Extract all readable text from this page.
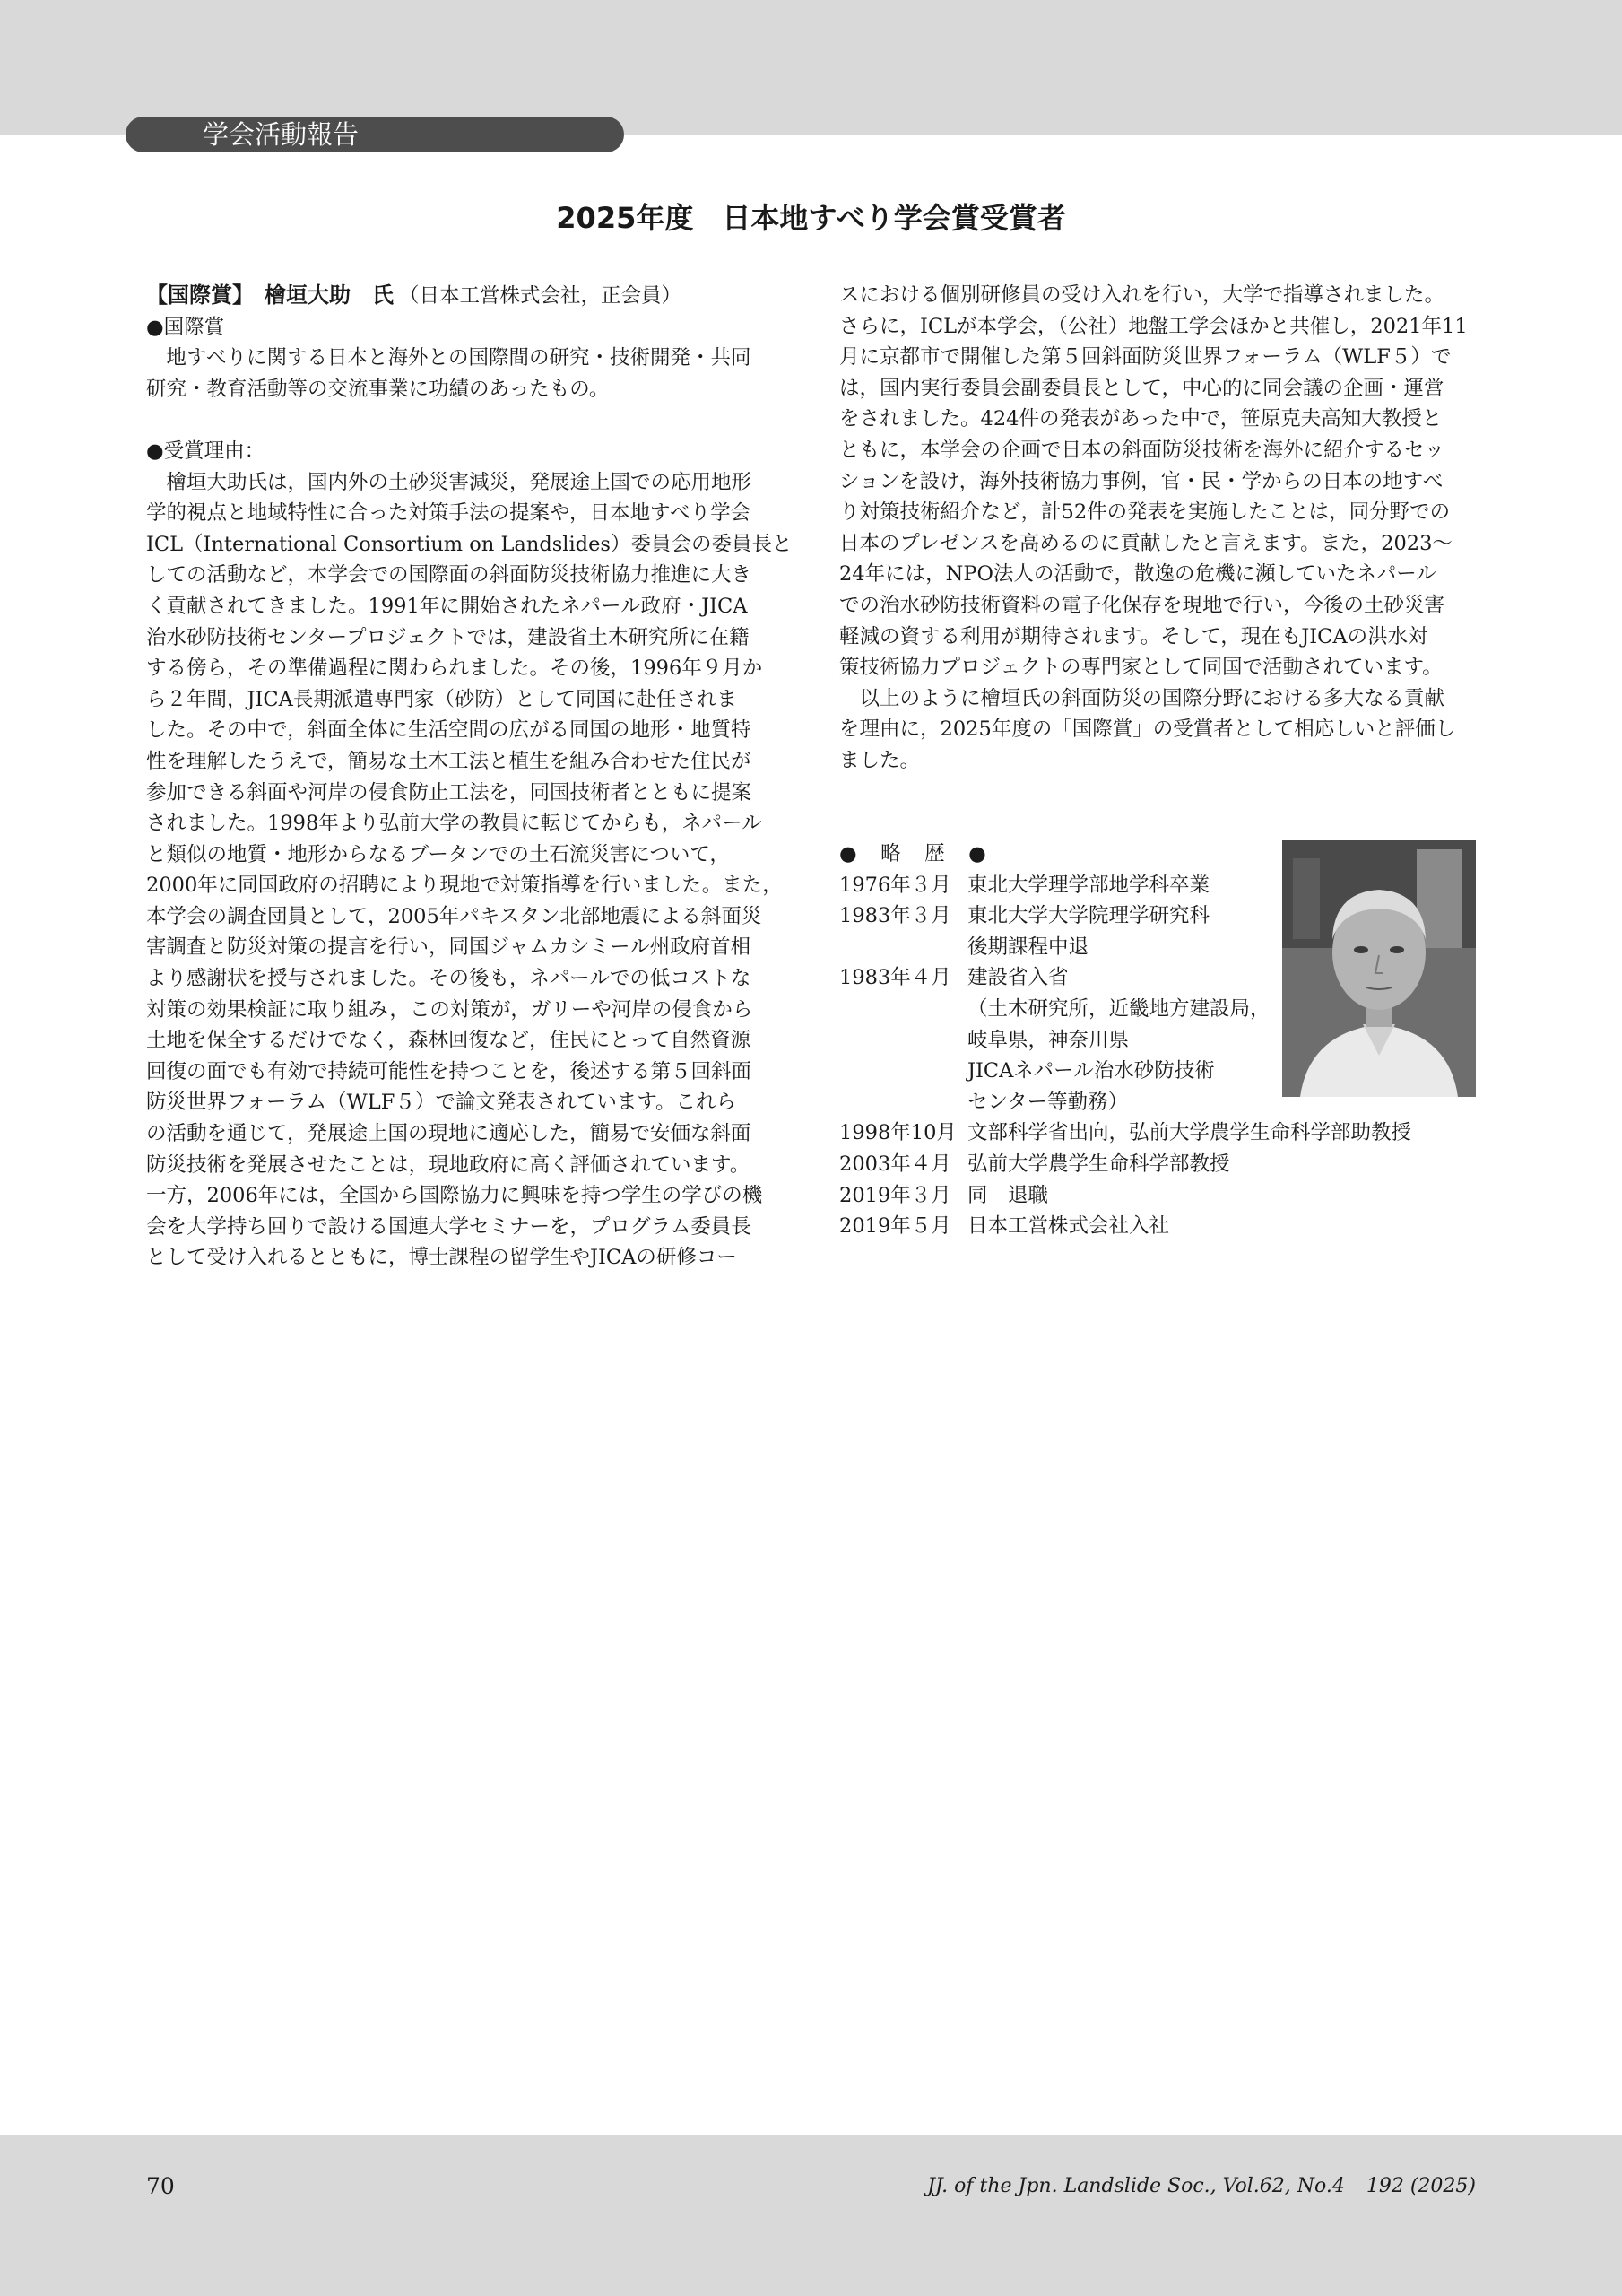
学会活動報告
2025年度　日本地すべり学会賞受賞者
【国際賞】 檜垣大助　氏 （日本工営株式会社，正会員）
●国際賞
　地すべりに関する日本と海外との国際間の研究・技術開発・共同
研究・教育活動等の交流事業に功績のあったもの。
●受賞理由：
　檜垣大助氏は，国内外の土砂災害減災，発展途上国での応用地形
学的視点と地域特性に合った対策手法の提案や，日本地すべり学会
ICL（International Consortium on Landslides）委員会の委員長と
しての活動など，本学会での国際面の斜面防災技術協力推進に大き
く貢献されてきました。1991年に開始されたネパール政府・JICA
治水砂防技術センタープロジェクトでは，建設省土木研究所に在籍
する傍ら，その準備過程に関わられました。その後，1996年９月か
ら２年間，JICA長期派遣専門家（砂防）として同国に赴任されま
した。その中で，斜面全体に生活空間の広がる同国の地形・地質特
性を理解したうえで，簡易な土木工法と植生を組み合わせた住民が
参加できる斜面や河岸の侵食防止工法を，同国技術者とともに提案
されました。1998年より弘前大学の教員に転じてからも，ネパール
と類似の地質・地形からなるブータンでの土石流災害について，
2000年に同国政府の招聘により現地で対策指導を行いました。また，
本学会の調査団員として，2005年パキスタン北部地震による斜面災
害調査と防災対策の提言を行い，同国ジャムカシミール州政府首相
より感謝状を授与されました。その後も，ネパールでの低コストな
対策の効果検証に取り組み，この対策が，ガリーや河岸の侵食から
土地を保全するだけでなく，森林回復など，住民にとって自然資源
回復の面でも有効で持続可能性を持つことを，後述する第５回斜面
防災世界フォーラム（WLF５）で論文発表されています。これら
の活動を通じて，発展途上国の現地に適応した，簡易で安価な斜面
防災技術を発展させたことは，現地政府に高く評価されています。
一方，2006年には，全国から国際協力に興味を持つ学生の学びの機
会を大学持ち回りで設ける国連大学セミナーを，プログラム委員長
として受け入れるとともに，博士課程の留学生やJICAの研修コー
スにおける個別研修員の受け入れを行い，大学で指導されました。
さらに，ICLが本学会，（公社）地盤工学会ほかと共催し，2021年11
月に京都市で開催した第５回斜面防災世界フォーラム（WLF５）で
は，国内実行委員会副委員長として，中心的に同会議の企画・運営
をされました。424件の発表があった中で，笹原克夫高知大教授と
ともに，本学会の企画で日本の斜面防災技術を海外に紹介するセッ
ションを設け，海外技術協力事例，官・民・学からの日本の地すべ
り対策技術紹介など，計52件の発表を実施したことは，同分野での
日本のプレゼンスを高めるのに貢献したと言えます。また，2023～
24年には，NPO法人の活動で，散逸の危機に瀕していたネパール
での治水砂防技術資料の電子化保存を現地で行い，今後の土砂災害
軽減の資する利用が期待されます。そして，現在もJICAの洪水対
策技術協力プロジェクトの専門家として同国で活動されています。
　以上のように檜垣氏の斜面防災の国際分野における多大なる貢献
を理由に，2025年度の「国際賞」の受賞者として相応しいと評価し
ました。
●　略　歴　●
1976年３月 東北大学理学部地学科卒業
1983年３月 東北大学大学院理学研究科
後期課程中退
1983年４月 建設省入省
（土木研究所，近畿地方建設局，
岐阜県，神奈川県
JICAネパール治水砂防技術
センター等勤務）
1998年10月 文部科学省出向，弘前大学農学生命科学部助教授
2003年４月 弘前大学農学生命科学部教授
2019年３月 同　退職
2019年５月 日本工営株式会社入社
70	JJ. of the Jpn. Landslide Soc., Vol.62, No.4 192 (2025)
